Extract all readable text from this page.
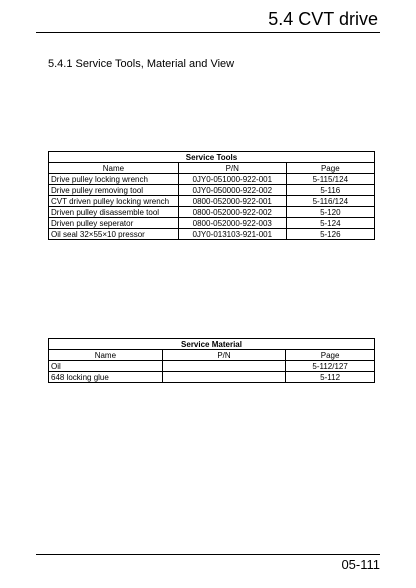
5.4 CVT drive
5.4.1 Service Tools, Material and View
Service Tools		
Name	P/N	Page
Drive pulley locking wrench	0JY0-051000-922-001	5-115/124
Drive pulley removing tool	0JY0-050000-922-002	5-116
CVT driven pulley locking wrench	0800-052000-922-001	5-116/124
Driven pulley disassemble tool	0800-052000-922-002	5-120
Driven pulley seperator	0800-052000-922-003	5-124
Oil seal 32×55×10 pressor	0JY0-013103-921-001	5-126
Service Material		
Name	P/N	Page
Oil		5-112/127
648 locking glue		5-112
05-111
